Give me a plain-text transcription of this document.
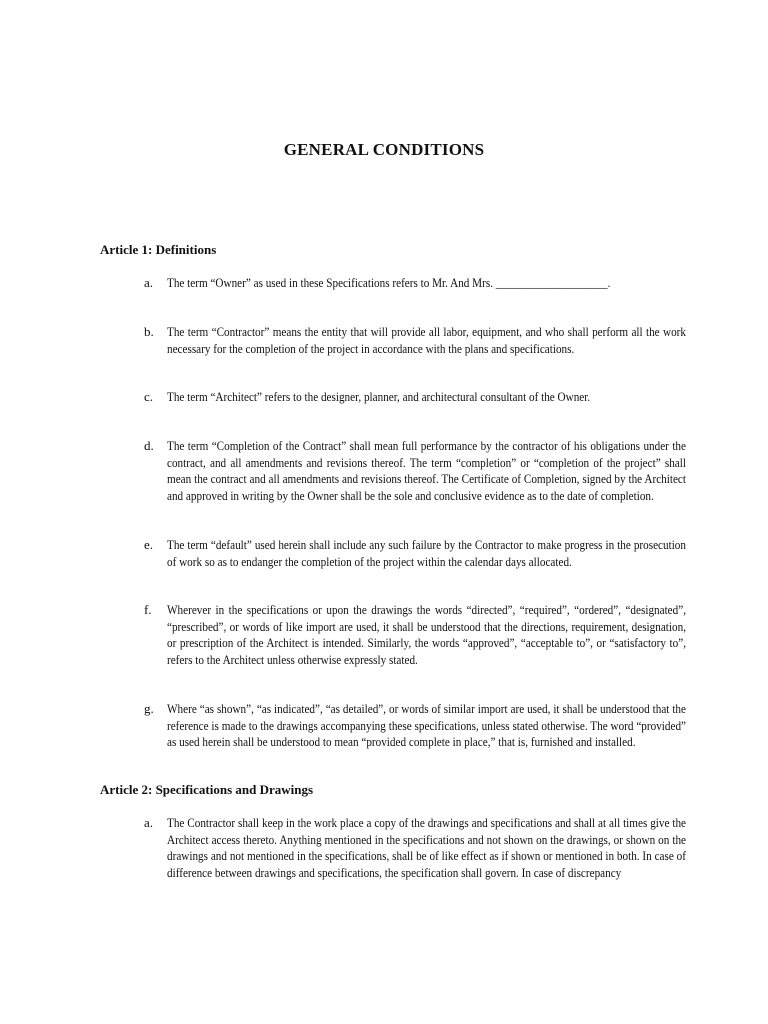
GENERAL CONDITIONS
Article 1: Definitions
a. The term “Owner” as used in these Specifications refers to Mr. And Mrs. ____________________.
b. The term “Contractor” means the entity that will provide all labor, equipment, and who shall perform all the work necessary for the completion of the project in accordance with the plans and specifications.
c. The term “Architect” refers to the designer, planner, and architectural consultant of the Owner.
d. The term “Completion of the Contract” shall mean full performance by the contractor of his obligations under the contract, and all amendments and revisions thereof. The term “completion” or “completion of the project” shall mean the contract and all amendments and revisions thereof. The Certificate of Completion, signed by the Architect and approved in writing by the Owner shall be the sole and conclusive evidence as to the date of completion.
e. The term “default” used herein shall include any such failure by the Contractor to make progress in the prosecution of work so as to endanger the completion of the project within the calendar days allocated.
f. Wherever in the specifications or upon the drawings the words “directed”, “required”, “ordered”, “designated”, “prescribed”, or words of like import are used, it shall be understood that the directions, requirement, designation, or prescription of the Architect is intended. Similarly, the words “approved”, “acceptable to”, or “satisfactory to”, refers to the Architect unless otherwise expressly stated.
g. Where “as shown”, “as indicated”, “as detailed”, or words of similar import are used, it shall be understood that the reference is made to the drawings accompanying these specifications, unless stated otherwise. The word “provided” as used herein shall be understood to mean “provided complete in place,” that is, furnished and installed.
Article 2: Specifications and Drawings
a. The Contractor shall keep in the work place a copy of the drawings and specifications and shall at all times give the Architect access thereto. Anything mentioned in the specifications and not shown on the drawings, or shown on the drawings and not mentioned in the specifications, shall be of like effect as if shown or mentioned in both. In case of difference between drawings and specifications, the specification shall govern. In case of discrepancy
